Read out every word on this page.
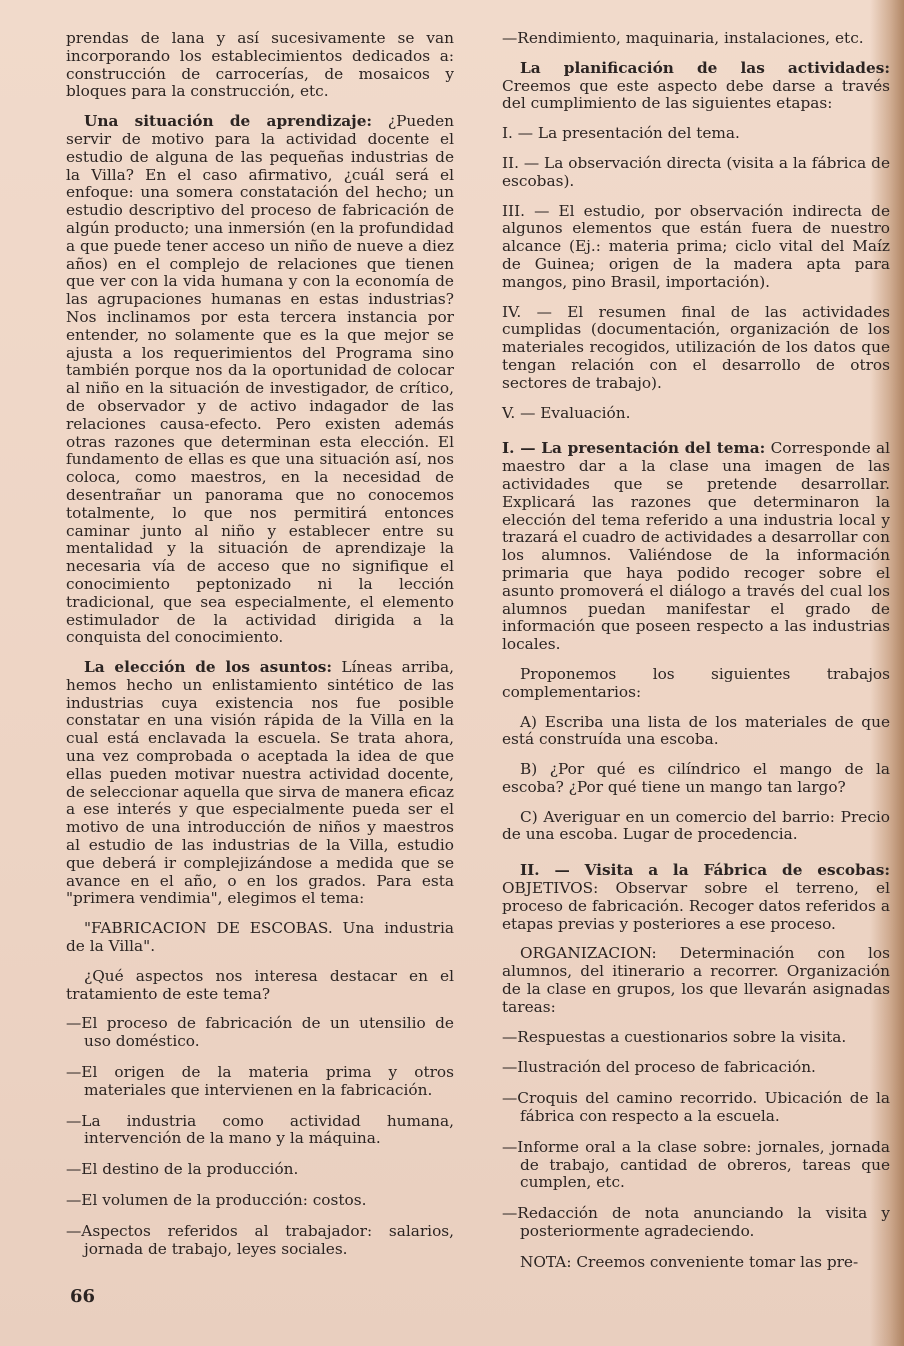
prendas de lana y así sucesivamente se van incorporando los establecimientos dedicados a: construcción de carrocerías, de mosaicos y bloques para la construcción, etc.

Una situación de aprendizaje: ¿Pueden servir de motivo para la actividad docente el estudio de alguna de las pequeñas industrias de la Villa? En el caso afirmativo, ¿cuál será el enfoque: una somera constatación del hecho; un estudio descriptivo del proceso de fabricación de algún producto; una inmersión (en la profundidad a que puede tener acceso un niño de nueve a diez años) en el complejo de relaciones que tienen que ver con la vida humana y con la economía de las agrupaciones humanas en estas industrias? Nos inclinamos por esta tercera instancia por entender, no solamente que es la que mejor se ajusta a los requerimientos del Programa sino también porque nos da la oportunidad de colocar al niño en la situación de investigador, de crítico, de observador y de activo indagador de las relaciones causa-efecto. Pero existen además otras razones que determinan esta elección. El fundamento de ellas es que una situación así, nos coloca, como maestros, en la necesidad de desentrañar un panorama que no conocemos totalmente, lo que nos permitirá entonces caminar junto al niño y establecer entre su mentalidad y la situación de aprendizaje la necesaria vía de acceso que no signifique el conocimiento peptonizado ni la lección tradicional, que sea especialmente, el elemento estimulador de la actividad dirigida a la conquista del conocimiento.

La elección de los asuntos: Líneas arriba, hemos hecho un enlistamiento sintético de las industrias cuya existencia nos fue posible constatar en una visión rápida de la Villa en la cual está enclavada la escuela. Se trata ahora, una vez comprobada o aceptada la idea de que ellas pueden motivar nuestra actividad docente, de seleccionar aquella que sirva de manera eficaz a ese interés y que especialmente pueda ser el motivo de una introducción de niños y maestros al estudio de las industrias de la Villa, estudio que deberá ir complejizándose a medida que se avance en el año, o en los grados. Para esta "primera vendimia", elegimos el tema:

"FABRICACION DE ESCOBAS. Una industria de la Villa".

¿Qué aspectos nos interesa destacar en el tratamiento de este tema?

—El proceso de fabricación de un utensilio de uso doméstico.

—El origen de la materia prima y otros materiales que intervienen en la fabricación.

—La industria como actividad humana, intervención de la mano y la máquina.

—El destino de la producción.

—El volumen de la producción: costos.

—Aspectos referidos al trabajador: salarios, jornada de trabajo, leyes sociales.

—Rendimiento, maquinaria, instalaciones, etc.

La planificación de las actividades: Creemos que este aspecto debe darse a través del cumplimiento de las siguientes etapas:

I. — La presentación del tema.

II. — La observación directa (visita a la fábrica de escobas).

III. — El estudio, por observación indirecta de algunos elementos que están fuera de nuestro alcance (Ej.: materia prima; ciclo vital del Maíz de Guinea; origen de la madera apta para mangos, pino Brasil, importación).

IV. — El resumen final de las actividades cumplidas (documentación, organización de los materiales recogidos, utilización de los datos que tengan relación con el desarrollo de otros sectores de trabajo).

V. — Evaluación.

I. — La presentación del tema: Corresponde al maestro dar a la clase una imagen de las actividades que se pretende desarrollar. Explicará las razones que determinaron la elección del tema referido a una industria local y trazará el cuadro de actividades a desarrollar con los alumnos. Valiéndose de la información primaria que haya podido recoger sobre el asunto promoverá el diálogo a través del cual los alumnos puedan manifestar el grado de información que poseen respecto a las industrias locales.

Proponemos los siguientes trabajos complementarios:

A) Escriba una lista de los materiales de que está construída una escoba.

B) ¿Por qué es cilíndrico el mango de la escoba? ¿Por qué tiene un mango tan largo?

C) Averiguar en un comercio del barrio: Precio de una escoba. Lugar de procedencia.

II. — Visita a la Fábrica de escobas: OBJETIVOS: Observar sobre el terreno, el proceso de fabricación. Recoger datos referidos a etapas previas y posteriores a ese proceso.

ORGANIZACION: Determinación con los alumnos, del itinerario a recorrer. Organización de la clase en grupos, los que llevarán asignadas tareas:

—Respuestas a cuestionarios sobre la visita.

—Ilustración del proceso de fabricación.

—Croquis del camino recorrido. Ubicación de la fábrica con respecto a la escuela.

—Informe oral a la clase sobre: jornales, jornada de trabajo, cantidad de obreros, tareas que cumplen, etc.

—Redacción de nota anunciando la visita y posteriormente agradeciendo.

NOTA: Creemos conveniente tomar las pre-

66
